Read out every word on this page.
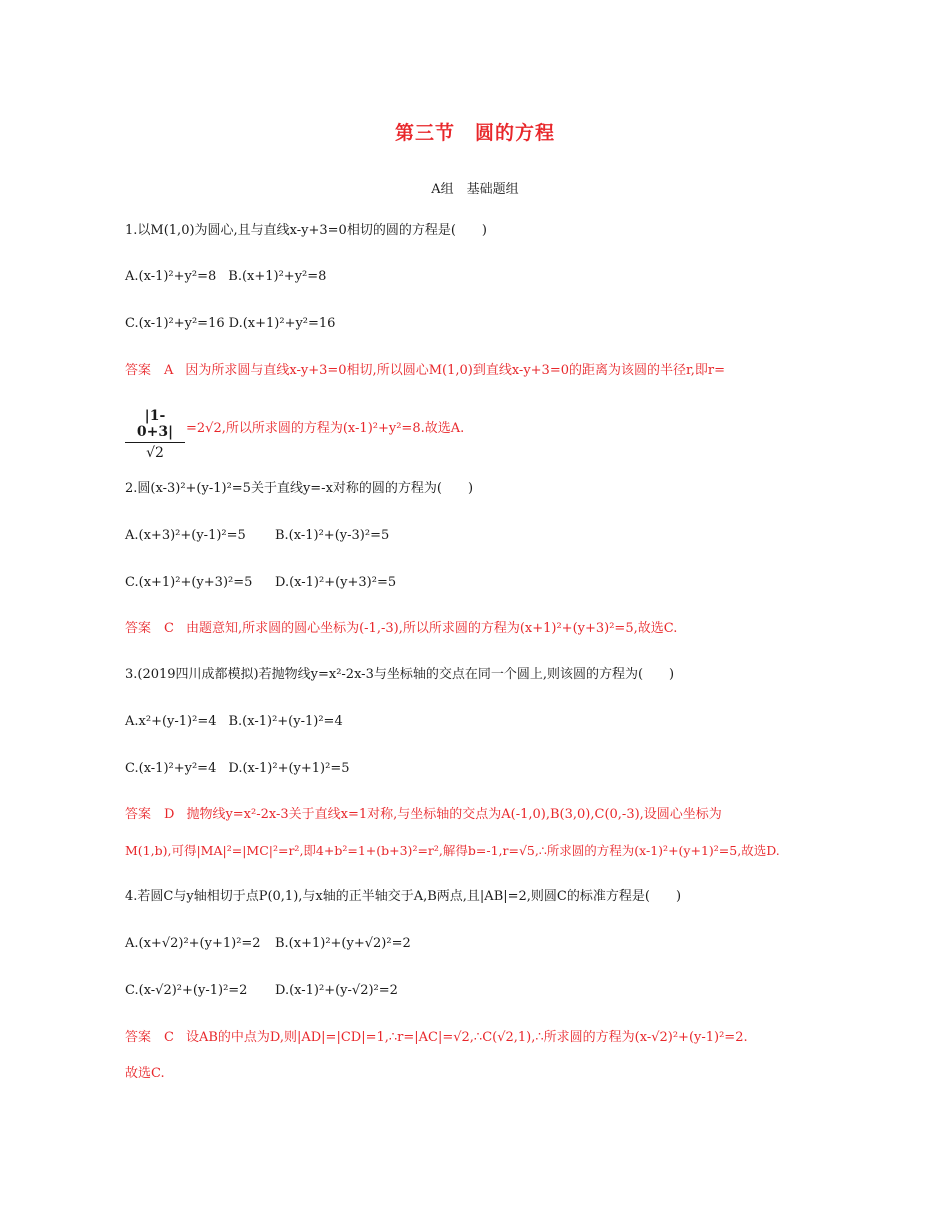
第三节　圆的方程
A组　基础题组
1.以M(1,0)为圆心,且与直线x-y+3=0相切的圆的方程是(　　)
A.(x-1)²+y²=8 B.(x+1)²+y²=8
C.(x-1)²+y²=16 D.(x+1)²+y²=16
答案　A 因为所求圆与直线x-y+3=0相切,所以圆心M(1,0)到直线x-y+3=0的距离为该圆的半径r,即r=
$\frac{|1-0+3|}{√2} =2√2$,所以所求圆的方程为(x-1)²+y²=8.故选A.
2.圆(x-3)²+(y-1)²=5关于直线y=-x对称的圆的方程为(　　)
A.(x+3)²+(y-1)²=5 B.(x-1)²+(y-3)²=5
C.(x+1)²+(y+3)²=5 D.(x-1)²+(y+3)²=5
答案　C 由题意知,所求圆的圆心坐标为(-1,-3),所以所求圆的方程为(x+1)²+(y+3)²=5,故选C.
3.(2019四川成都模拟)若抛物线y=x²-2x-3与坐标轴的交点在同一个圆上,则该圆的方程为(　　)
A.x²+(y-1)²=4 B.(x-1)²+(y-1)²=4
C.(x-1)²+y²=4 D.(x-1)²+(y+1)²=5
答案　D 抛物线y=x²-2x-3关于直线x=1对称,与坐标轴的交点为A(-1,0),B(3,0),C(0,-3),设圆心坐标为
M(1,b),可得|MA|²=|MC|²=r²,即4+b²=1+(b+3)²=r²,解得b=-1,r=√5,∴所求圆的方程为(x-1)²+(y+1)²=5,故选D.
4.若圆C与y轴相切于点P(0,1),与x轴的正半轴交于A,B两点,且|AB|=2,则圆C的标准方程是(　　)
A.(x+√2)²+(y+1)²=2 B.(x+1)²+(y+√2)²=2
C.(x-√2)²+(y-1)²=2 D.(x-1)²+(y-√2)²=2
答案　C 设AB的中点为D,则|AD|=|CD|=1,∴r=|AC|=√2,∴C(√2,1),∴所求圆的方程为(x-√2)²+(y-1)²=2.
故选C.
